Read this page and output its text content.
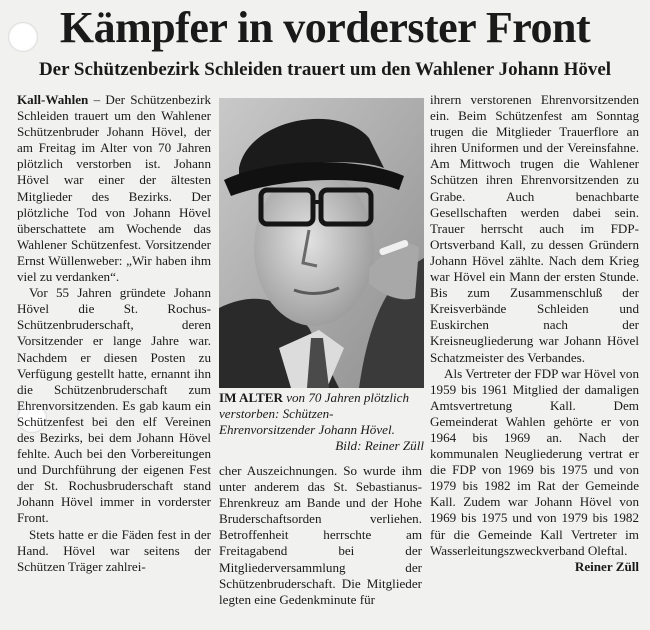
Kämpfer in vorderster Front
Der Schützenbezirk Schleiden trauert um den Wahlener Johann Hövel

Kall-Wahlen – Der Schützenbezirk Schleiden trauert um den Wahlener Schützenbruder Johann Hövel, der am Freitag im Alter von 70 Jahren plötzlich verstorben ist. Johann Hövel war einer der ältesten Mitglieder des Bezirks. Der plötzliche Tod von Johann Hövel überschattete am Wochende das Wahlener Schützenfest. Vorsitzender Ernst Wüllenweber: „Wir haben ihm viel zu verdanken“.

Vor 55 Jahren gründete Johann Hövel die St. Rochus-Schützenbruderschaft, deren Vorsitzender er lange Jahre war. Nachdem er diesen Posten zu Verfügung gestellt hatte, ernannt ihn die Schützenbruderschaft zum Ehrenvorsitzenden. Es gab kaum ein Schützenfest bei den elf Vereinen des Bezirks, bei dem Johann Hövel fehlte. Auch bei den Vorbereitungen und Durchführung der eigenen Fest der St. Rochusbruderschaft stand Johann Hövel immer in vorderster Front.

Stets hatte er die Fäden fest in der Hand. Hövel war seitens der Schützen Träger zahlrei-

IM ALTER von 70 Jahren plötzlich verstorben: Schützen-Ehrenvorsitzender Johann Hövel.
Bild: Reiner Züll

cher Auszeichnungen. So wurde ihm unter anderem das St. Sebastianus-Ehrenkreuz am Bande und der Hohe Bruderschaftsorden verliehen. Betroffenheit herrschte am Freitagabend bei der Mitgliederversammlung der Schützenbruderschaft. Die Mitglieder legten eine Gedenkminute für

ihrern verstorenen Ehrenvorsitzenden ein. Beim Schützenfest am Sonntag trugen die Mitglieder Trauerflore an ihren Uniformen und der Vereinsfahne. Am Mittwoch trugen die Wahlener Schützen ihren Ehrenvorsitzenden zu Grabe. Auch benachbarte Gesellschaften werden dabei sein. Trauer herrscht auch im FDP-Ortsverband Kall, zu dessen Gründern Johann Hövel zählte. Nach dem Krieg war Hövel ein Mann der ersten Stunde. Bis zum Zusammenschluß der Kreisverbände Schleiden und Euskirchen nach der Kreisneugliederung war Johann Hövel Schatzmeister des Verbandes.

Als Vertreter der FDP war Hövel von 1959 bis 1961 Mitglied der damaligen Amtsvertretung Kall. Dem Gemeinderat Wahlen gehörte er von 1964 bis 1969 an. Nach der kommunalen Neugliederung vertrat er die FDP von 1969 bis 1975 und von 1979 bis 1982 im Rat der Gemeinde Kall. Zudem war Johann Hövel von 1969 bis 1975 und von 1979 bis 1982 für die Gemeinde Kall Vertreter im Wasserleitungszweckverband Oleftal.

Reiner Züll
